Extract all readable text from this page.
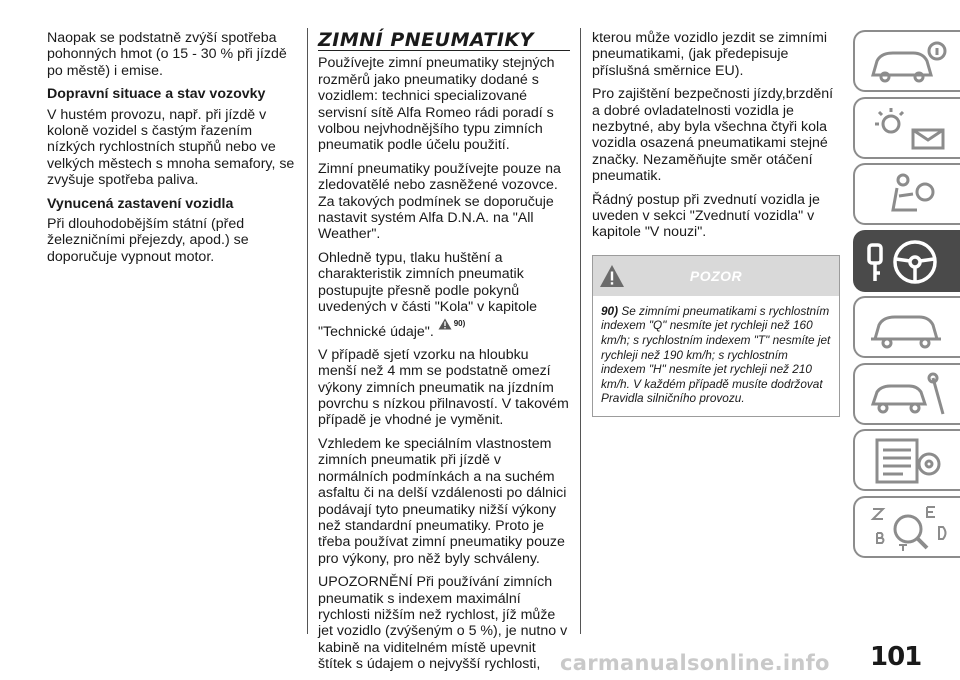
Naopak se podstatně zvýší spotřeba pohonných hmot (o 15 - 30 % při jízdě po městě) i emise.

Dopravní situace a stav vozovky

V hustém provozu, např. při jízdě v koloně vozidel s častým řazením nízkých rychlostních stupňů nebo ve velkých městech s mnoha semafory, se zvyšuje spotřeba paliva.

Vynucená zastavení vozidla

Při dlouhodobějším státní (před železničními přejezdy, apod.) se doporučuje vypnout motor.

ZIMNÍ PNEUMATIKY

Používejte zimní pneumatiky stejných rozměrů jako pneumatiky dodané s vozidlem: technici specializované servisní sítě Alfa Romeo rádi poradí s volbou nejvhodnějšího typu zimních pneumatik podle účelu použití.

Zimní pneumatiky používejte pouze na zledovatělé nebo zasněžené vozovce. Za takových podmínek se doporučuje nastavit systém Alfa D.N.A. na "All Weather".

Ohledně typu, tlaku huštění a charakteristik zimních pneumatik postupujte přesně podle pokynů uvedených v části "Kola" v kapitole "Technické údaje".
90)

V případě sjetí vzorku na hloubku menší než 4 mm se podstatně omezí výkony zimních pneumatik na jízdním povrchu s nízkou přilnavostí. V takovém případě je vhodné je vyměnit.

Vzhledem ke speciálním vlastnostem zimních pneumatik při jízdě v normálních podmínkách a na suchém asfaltu či na delší vzdálenosti po dálnici podávají tyto pneumatiky nižší výkony než standardní pneumatiky. Proto je třeba používat zimní pneumatiky pouze pro výkony, pro něž byly schváleny.

UPOZORNĚNÍ Při používání zimních pneumatik s indexem maximální rychlosti nižším než rychlost, jíž může jet vozidlo (zvýšeným o 5 %), je nutno v kabině na viditelném místě upevnit štítek s údajem o nejvyšší rychlosti,

kterou může vozidlo jezdit se zimními pneumatikami, (jak předepisuje příslušná směrnice EU).

Pro zajištění bezpečnosti jízdy,brzdění a dobré ovladatelnosti vozidla je nezbytné, aby byla všechna čtyři kola vozidla osazená pneumatikami stejné značky. Nezaměňujte směr otáčení pneumatik.

Řádný postup při zvednutí vozidla je uveden v sekci "Zvednutí vozidla" v kapitole "V nouzi".

POZOR
90) Se zimními pneumatikami s rychlostním indexem "Q" nesmíte jet rychleji než 160 km/h; s rychlostním indexem "T" nesmíte jet rychleji než 190 km/h; s rychlostním indexem "H" nesmíte jet rychleji než 210 km/h. V každém případě musíte dodržovat Pravidla silničního provozu.
101
carmanualsonline.info
